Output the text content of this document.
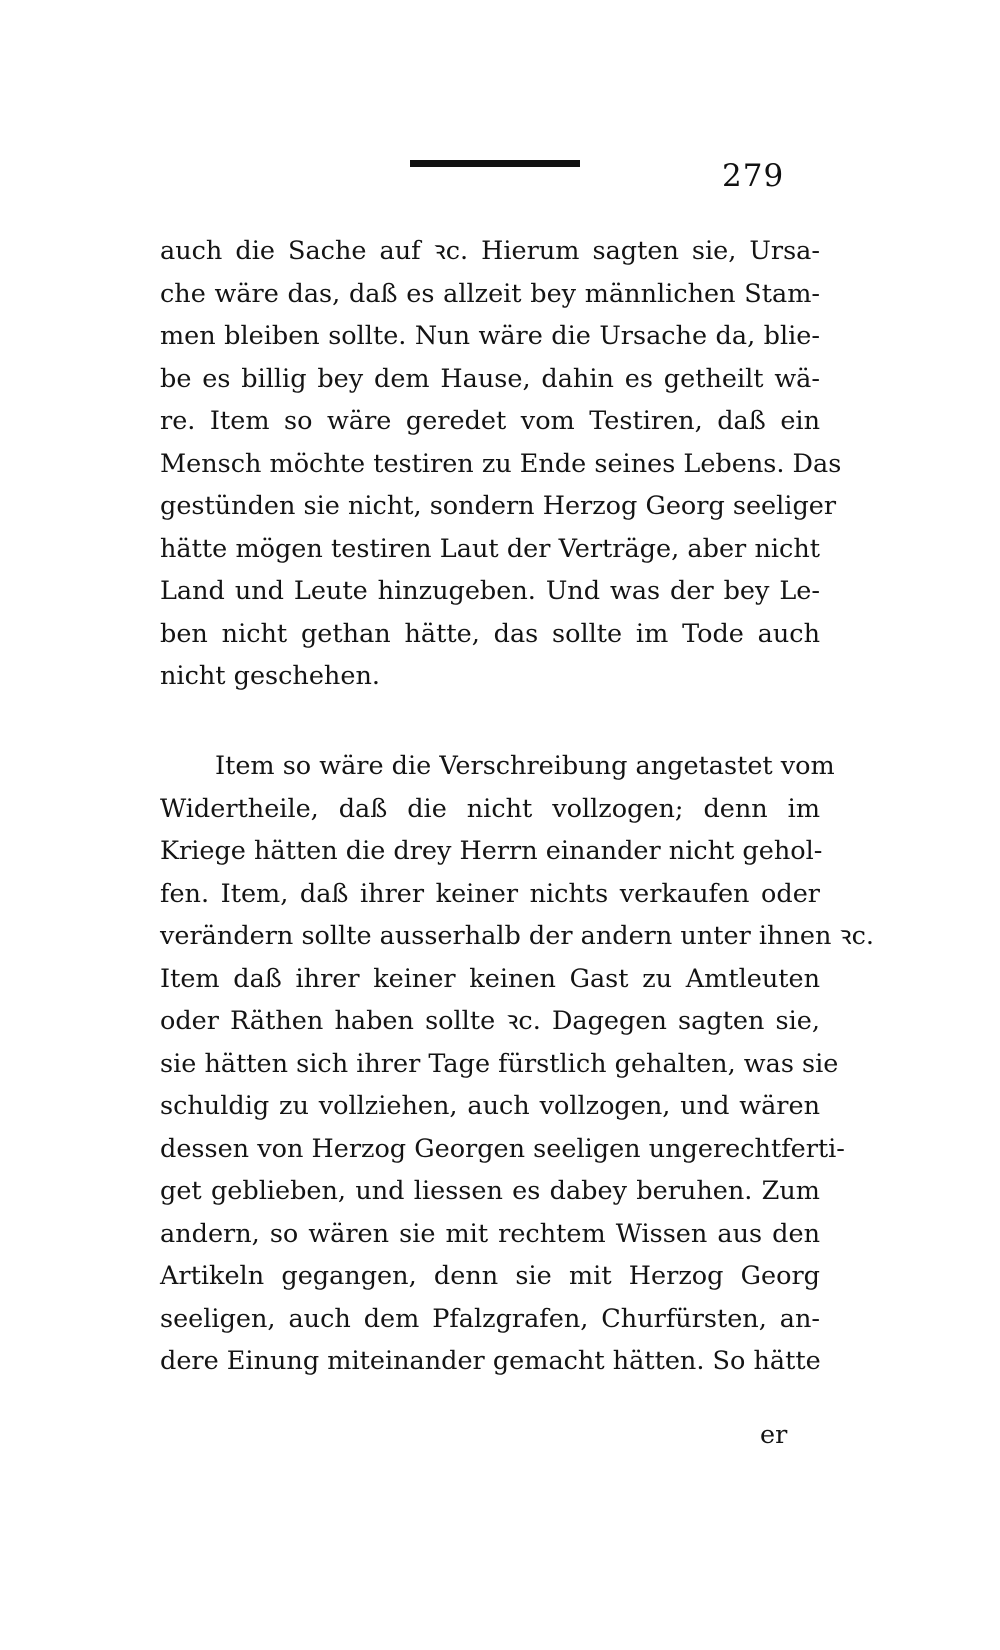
279
auch die Sache auf ꝛc. Hierum sagten sie, Ursa-
che wäre das, daß es allzeit bey männlichen Stam-
men bleiben sollte. Nun wäre die Ursache da, blie-
be es billig bey dem Hause, dahin es getheilt wä-
re. Item so wäre geredet vom Testiren, daß ein
Mensch möchte testiren zu Ende seines Lebens. Das
gestünden sie nicht, sondern Herzog Georg seeliger
hätte mögen testiren Laut der Verträge, aber nicht
Land und Leute hinzugeben. Und was der bey Le-
ben nicht gethan hätte, das sollte im Tode auch
nicht geschehen.
Item so wäre die Verschreibung angetastet vom
Widertheile, daß die nicht vollzogen; denn im
Kriege hätten die drey Herrn einander nicht gehol-
fen. Item, daß ihrer keiner nichts verkaufen oder
verändern sollte ausserhalb der andern unter ihnen ꝛc.
Item daß ihrer keiner keinen Gast zu Amtleuten
oder Räthen haben sollte ꝛc. Dagegen sagten sie,
sie hätten sich ihrer Tage fürstlich gehalten, was sie
schuldig zu vollziehen, auch vollzogen, und wären
dessen von Herzog Georgen seeligen ungerechtferti-
get geblieben, und liessen es dabey beruhen. Zum
andern, so wären sie mit rechtem Wissen aus den
Artikeln gegangen, denn sie mit Herzog Georg
seeligen, auch dem Pfalzgrafen, Churfürsten, an-
dere Einung miteinander gemacht hätten. So hätte
er
